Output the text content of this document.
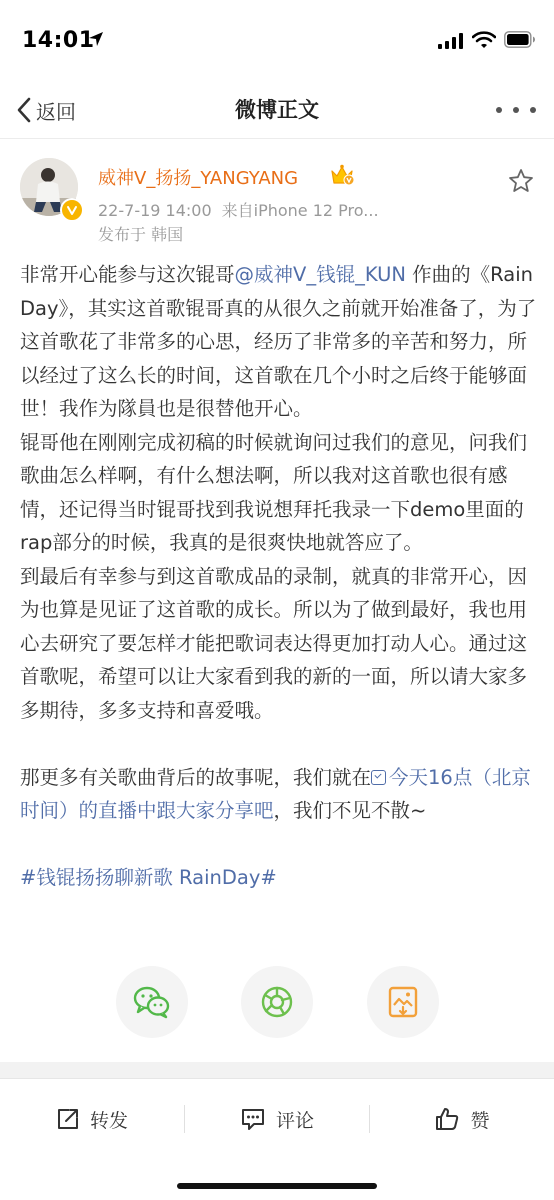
14:01
返回	微博正文
威神V_扬扬_YANGYANG
22-7-19 14:00 来自iPhone 12 Pro...
发布于 韩国

非常开心能参与这次锟哥@威神V_钱锟_KUN 作曲的《Rain Day》，其实这首歌锟哥真的从很久之前就开始准备了，为了这首歌花了非常多的心思，经历了非常多的辛苦和努力，所以经过了这么长的时间，这首歌在几个小时之后终于能够面世！我作为隊員也是很替他开心。

锟哥他在刚刚完成初稿的时候就询问过我们的意见，问我们歌曲怎么样啊，有什么想法啊，所以我对这首歌也很有感情，还记得当时锟哥找到我说想拜托我录一下demo里面的rap部分的时候，我真的是很爽快地就答应了。

到最后有幸参与到这首歌成品的录制，就真的非常开心，因为也算是见证了这首歌的成长。所以为了做到最好，我也用心去研究了要怎样才能把歌词表达得更加打动人心。通过这首歌呢，希望可以让大家看到我的新的一面，所以请大家多多期待，多多支持和喜爱哦。

那更多有关歌曲背后的故事呢，我们就在 今天16点（北京时间）的直播中跟大家分享吧，我们不见不散~

#钱锟扬扬聊新歌 RainDay#

转发	评论	赞
